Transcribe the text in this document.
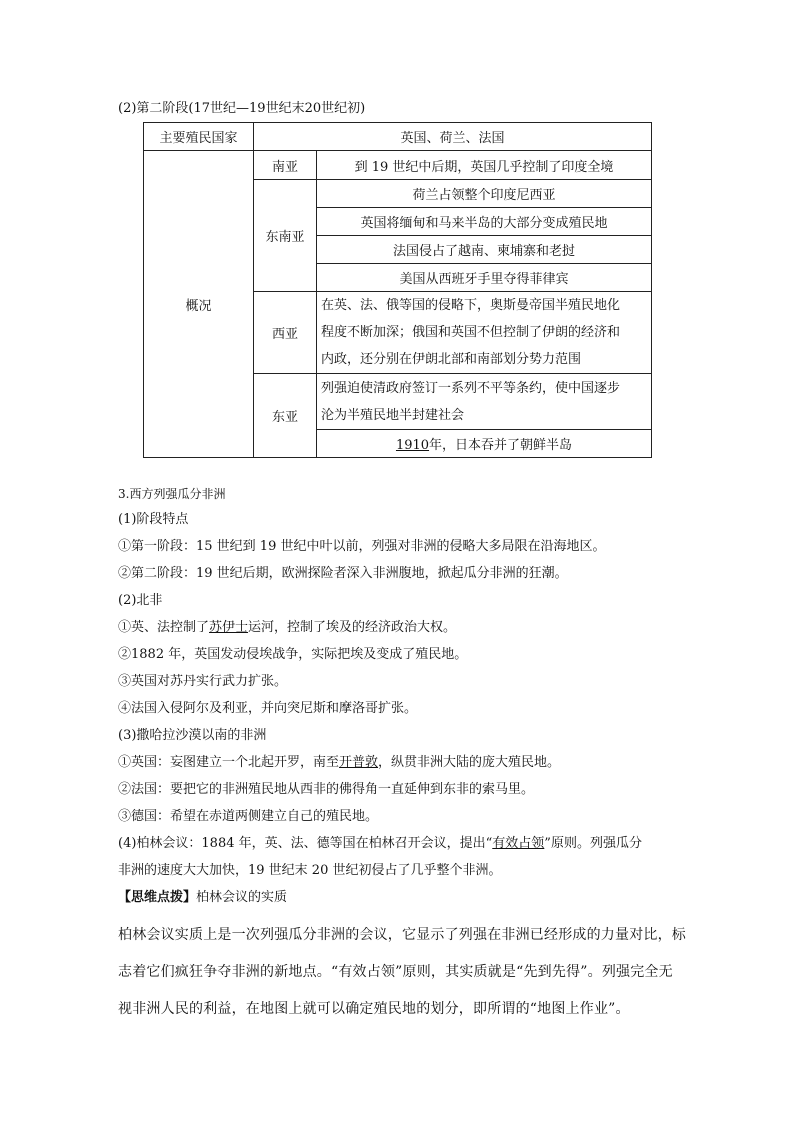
(2)第二阶段(17世纪—19世纪末20世纪初)
主要殖民国家	英国、荷兰、法国	
概况	南亚	到 19 世纪中后期，英国几乎控制了印度全境
	东南亚	荷兰占领整个印度尼西亚
		英国将缅甸和马来半岛的大部分变成殖民地
		法国侵占了越南、柬埔寨和老挝
		美国从西班牙手里夺得菲律宾
	西亚	在英、法、俄等国的侵略下，奥斯曼帝国半殖民地化
程度不断加深；俄国和英国不但控制了伊朗的经济和
内政，还分别在伊朗北部和南部划分势力范围

	东亚	列强迫使清政府签订一系列不平等条约，使中国逐步
沦为半殖民地半封建社会

		1910年，日本吞并了朝鲜半岛
3.西方列强瓜分非洲
(1)阶段特点
①第一阶段：15 世纪到 19 世纪中叶以前，列强对非洲的侵略大多局限在沿海地区。
②第二阶段：19 世纪后期，欧洲探险者深入非洲腹地，掀起瓜分非洲的狂潮。
(2)北非
①英、法控制了苏伊士运河，控制了埃及的经济政治大权。
②1882 年，英国发动侵埃战争，实际把埃及变成了殖民地。
③英国对苏丹实行武力扩张。
④法国入侵阿尔及利亚，并向突尼斯和摩洛哥扩张。
(3)撒哈拉沙漠以南的非洲
①英国：妄图建立一个北起开罗，南至开普敦，纵贯非洲大陆的庞大殖民地。
②法国：要把它的非洲殖民地从西非的佛得角一直延伸到东非的索马里。
③德国：希望在赤道两侧建立自己的殖民地。
(4)柏林会议：1884 年，英、法、德等国在柏林召开会议，提出“有效占领”原则。列强瓜分
非洲的速度大大加快，19 世纪末 20 世纪初侵占了几乎整个非洲。
【思维点拨】柏林会议的实质
柏林会议实质上是一次列强瓜分非洲的会议，它显示了列强在非洲已经形成的力量对比，标
志着它们疯狂争夺非洲的新地点。“有效占领”原则，其实质就是“先到先得”。列强完全无
视非洲人民的利益，在地图上就可以确定殖民地的划分，即所谓的“地图上作业”。
